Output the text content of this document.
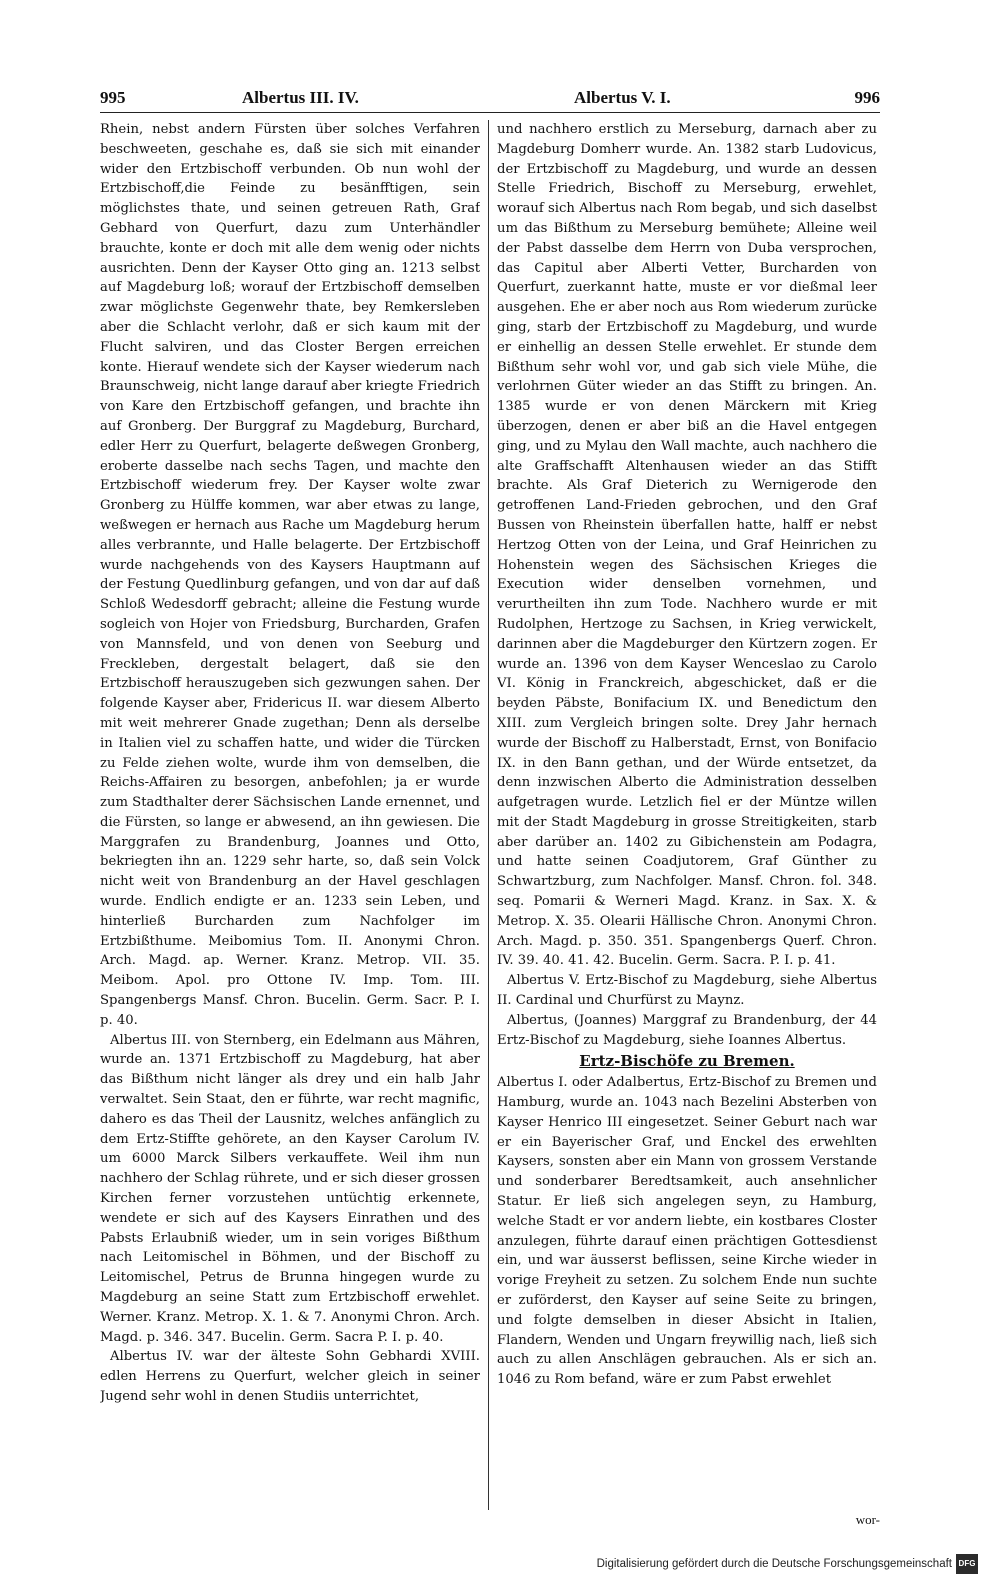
995	Albertus III. IV.	Albertus V. I.	996

Rhein, nebst andern Fürsten über solches Verfahren beschweeten, geschahe es, daß sie sich mit einander wider den Ertzbischoff verbunden. Ob nun wohl der Ertzbischoff,die Feinde zu besänfftigen, sein möglichstes thate, und seinen getreuen Rath, Graf Gebhard von Querfurt, dazu zum Unterhändler brauchte, konte er doch mit alle dem wenig oder nichts ausrichten. Denn der Kayser Otto ging an. 1213 selbst auf Magdeburg loß; worauf der Ertzbischoff demselben zwar möglichste Gegenwehr thate, bey Remkersleben aber die Schlacht verlohr, daß er sich kaum mit der Flucht salviren, und das Closter Bergen erreichen konte. Hierauf wendete sich der Kayser wiederum nach Braunschweig, nicht lange darauf aber kriegte Friedrich von Kare den Ertzbischoff gefangen, und brachte ihn auf Gronberg. Der Burggraf zu Magdeburg, Burchard, edler Herr zu Querfurt, belagerte deßwegen Gronberg, eroberte dasselbe nach sechs Tagen, und machte den Ertzbischoff wiederum frey. Der Kayser wolte zwar Gronberg zu Hülffe kommen, war aber etwas zu lange, weßwegen er hernach aus Rache um Magdeburg herum alles verbrannte, und Halle belagerte. Der Ertzbischoff wurde nachgehends von des Kaysers Hauptmann auf der Festung Quedlinburg gefangen, und von dar auf daß Schloß Wedesdorff gebracht; alleine die Festung wurde sogleich von Hojer von Friedsburg, Burcharden, Grafen von Mannsfeld, und von denen von Seeburg und Freckleben, dergestalt belagert, daß sie den Ertzbischoff herauszugeben sich gezwungen sahen. Der folgende Kayser aber, Fridericus II. war diesem Alberto mit weit mehrerer Gnade zugethan; Denn als derselbe in Italien viel zu schaffen hatte, und wider die Türcken zu Felde ziehen wolte, wurde ihm von demselben, die Reichs-Affairen zu besorgen, anbefohlen; ja er wurde zum Stadthalter derer Sächsischen Lande ernennet, und die Fürsten, so lange er abwesend, an ihn gewiesen. Die Marggrafen zu Brandenburg, Joannes und Otto, bekriegten ihn an. 1229 sehr harte, so, daß sein Volck nicht weit von Brandenburg an der Havel geschlagen wurde. Endlich endigte er an. 1233 sein Leben, und hinterließ Burcharden zum Nachfolger im Ertzbißthume. Meibomius Tom. II. Anonymi Chron. Arch. Magd. ap. Werner. Kranz. Metrop. VII. 35. Meibom. Apol. pro Ottone IV. Imp. Tom. III. Spangenbergs Mansf. Chron. Bucelin. Germ. Sacr. P. I. p. 40.

Albertus III. von Sternberg, ein Edelmann aus Mähren, wurde an. 1371 Ertzbischoff zu Magdeburg, hat aber das Bißthum nicht länger als drey und ein halb Jahr verwaltet. Sein Staat, den er führte, war recht magnific, dahero es das Theil der Lausnitz, welches anfänglich zu dem Ertz-Stiffte gehörete, an den Kayser Carolum IV. um 6000 Marck Silbers verkauffete. Weil ihm nun nachhero der Schlag rührete, und er sich dieser grossen Kirchen ferner vorzustehen untüchtig erkennete, wendete er sich auf des Kaysers Einrathen und des Pabsts Erlaubniß wieder, um in sein voriges Bißthum nach Leitomischel in Böhmen, und der Bischoff zu Leitomischel, Petrus de Brunna hingegen wurde zu Magdeburg an seine Statt zum Ertzbischoff erwehlet. Werner. Kranz. Metrop. X. 1. & 7. Anonymi Chron. Arch. Magd. p. 346. 347. Bucelin. Germ. Sacra P. I. p. 40.

Albertus IV. war der älteste Sohn Gebhardi XVIII. edlen Herrens zu Querfurt, welcher gleich in seiner Jugend sehr wohl in denen Studiis unterrichtet,

und nachhero erstlich zu Merseburg, darnach aber zu Magdeburg Domherr wurde. An. 1382 starb Ludovicus, der Ertzbischoff zu Magdeburg, und wurde an dessen Stelle Friedrich, Bischoff zu Merseburg, erwehlet, worauf sich Albertus nach Rom begab, und sich daselbst um das Bißthum zu Merseburg bemühete; Alleine weil der Pabst dasselbe dem Herrn von Duba versprochen, das Capitul aber Alberti Vetter, Burcharden von Querfurt, zuerkannt hatte, muste er vor dießmal leer ausgehen. Ehe er aber noch aus Rom wiederum zurücke ging, starb der Ertzbischoff zu Magdeburg, und wurde er einhellig an dessen Stelle erwehlet. Er stunde dem Bißthum sehr wohl vor, und gab sich viele Mühe, die verlohrnen Güter wieder an das Stifft zu bringen. An. 1385 wurde er von denen Märckern mit Krieg überzogen, denen er aber biß an die Havel entgegen ging, und zu Mylau den Wall machte, auch nachhero die alte Graffschafft Altenhausen wieder an das Stifft brachte. Als Graf Dieterich zu Wernigerode den getroffenen Land-Frieden gebrochen, und den Graf Bussen von Rheinstein überfallen hatte, halff er nebst Hertzog Otten von der Leina, und Graf Heinrichen zu Hohenstein wegen des Sächsischen Krieges die Execution wider denselben vornehmen, und verurtheilten ihn zum Tode. Nachhero wurde er mit Rudolphen, Hertzoge zu Sachsen, in Krieg verwickelt, darinnen aber die Magdeburger den Kürtzern zogen. Er wurde an. 1396 von dem Kayser Wenceslao zu Carolo VI. König in Franckreich, abgeschicket, daß er die beyden Päbste, Bonifacium IX. und Benedictum den XIII. zum Vergleich bringen solte. Drey Jahr hernach wurde der Bischoff zu Halberstadt, Ernst, von Bonifacio IX. in den Bann gethan, und der Würde entsetzet, da denn inzwischen Alberto die Administration desselben aufgetragen wurde. Letzlich fiel er der Müntze willen mit der Stadt Magdeburg in grosse Streitigkeiten, starb aber darüber an. 1402 zu Gibichenstein am Podagra, und hatte seinen Coadjutorem, Graf Günther zu Schwartzburg, zum Nachfolger. Mansf. Chron. fol. 348. seq. Pomarii & Werneri Magd. Kranz. in Sax. X. & Metrop. X. 35. Olearii Hällische Chron. Anonymi Chron. Arch. Magd. p. 350. 351. Spangenbergs Querf. Chron. IV. 39. 40. 41. 42. Bucelin. Germ. Sacra. P. I. p. 41.

Albertus V. Ertz-Bischof zu Magdeburg, siehe Albertus II. Cardinal und Churfürst zu Maynz.

Albertus, (Joannes) Marggraf zu Brandenburg, der 44 Ertz-Bischof zu Magdeburg, siehe Ioannes Albertus.

Ertz-Bischöfe zu Bremen.

Albertus I. oder Adalbertus, Ertz-Bischof zu Bremen und Hamburg, wurde an. 1043 nach Bezelini Absterben von Kayser Henrico III eingesetzet. Seiner Geburt nach war er ein Bayerischer Graf, und Enckel des erwehlten Kaysers, sonsten aber ein Mann von grossem Verstande und sonderbarer Beredtsamkeit, auch ansehnlicher Statur. Er ließ sich angelegen seyn, zu Hamburg, welche Stadt er vor andern liebte, ein kostbares Closter anzulegen, führte darauf einen prächtigen Gottesdienst ein, und war äusserst beflissen, seine Kirche wieder in vorige Freyheit zu setzen. Zu solchem Ende nun suchte er zuförderst, den Kayser auf seine Seite zu bringen, und folgte demselben in dieser Absicht in Italien, Flandern, Wenden und Ungarn freywillig nach, ließ sich auch zu allen Anschlägen gebrauchen. Als er sich an. 1046 zu Rom befand, wäre er zum Pabst erwehlet

wor-
Digitalisierung gefördert durch die Deutsche Forschungsgemeinschaft DFG
